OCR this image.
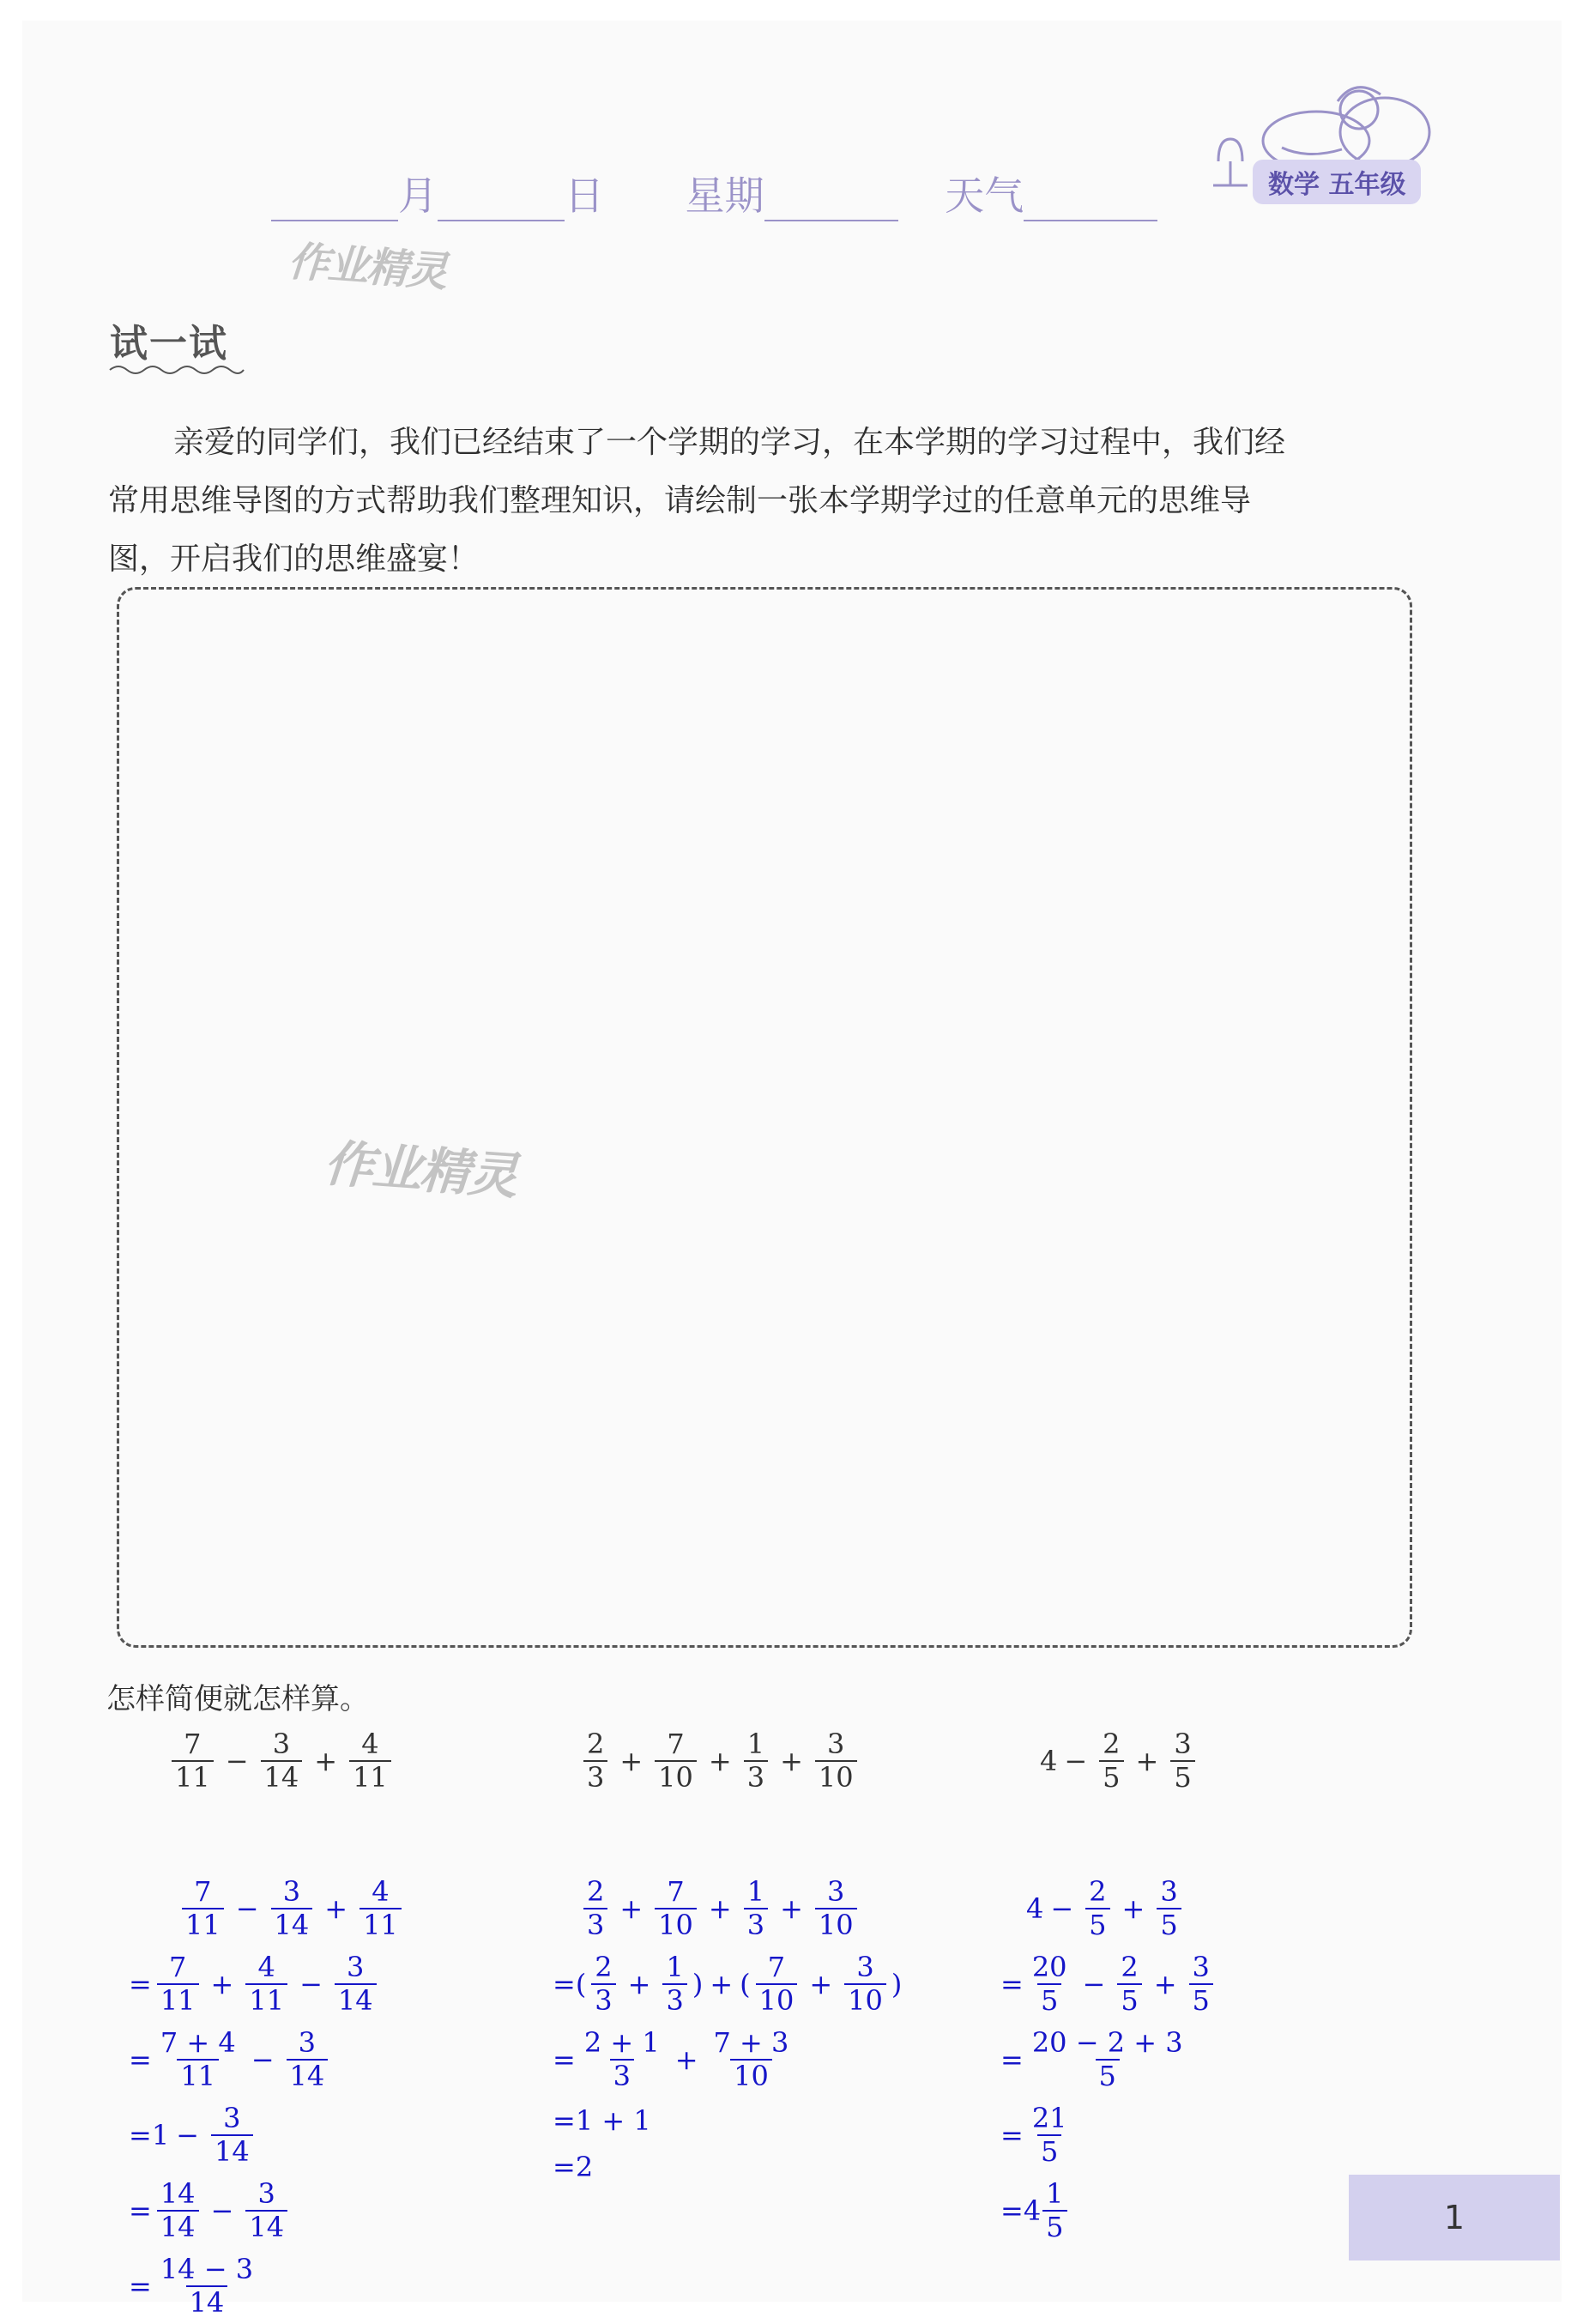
月	日 星期	天气	数学 五年级
作业精灵
作业精灵
试一试
亲爱的同学们，我们已经结束了一个学期的学习，在本学期的学习过程中，我们经
常用思维导图的方式帮助我们整理知识，请绘制一张本学期学过的任意单元的思维导
图，开启我们的思维盛宴！
怎样简便就怎样算。
$\frac{7}{11} - \frac{3}{14} + \frac{4}{11}$	$\frac{2}{3} + \frac{7}{10} + \frac{1}{3} + \frac{3}{10}$	$4 - \frac{2}{5} + \frac{3}{5}$
$\frac{7}{11} - \frac{3}{14} + \frac{4}{11}$
= $\frac{7}{11} + \frac{4}{11} - \frac{3}{14}$
= $\frac{7 + 4}{11} - \frac{3}{14}$
$=1 - \frac{3}{14}$
= $\frac{14}{14} - \frac{3}{14}$
= $\frac{14 - 3}{14}$
$\frac{2}{3} + \frac{7}{10} + \frac{1}{3} + \frac{3}{10}$
=( $\frac{2}{3} + \frac{1}{3}$ ) + ( $\frac{7}{10} + \frac{3}{10}$ )
= $\frac{2 + 1}{3} + \frac{7 + 3}{10}$
=1 + 1
=2
$4 - \frac{2}{5} + \frac{3}{5}$
= $\frac{20}{5} - \frac{2}{5} + \frac{3}{5}$
= $\frac{20 - 2 + 3}{5}$
= $\frac{21}{5}$
$=4 \frac{1}{5}$	1
